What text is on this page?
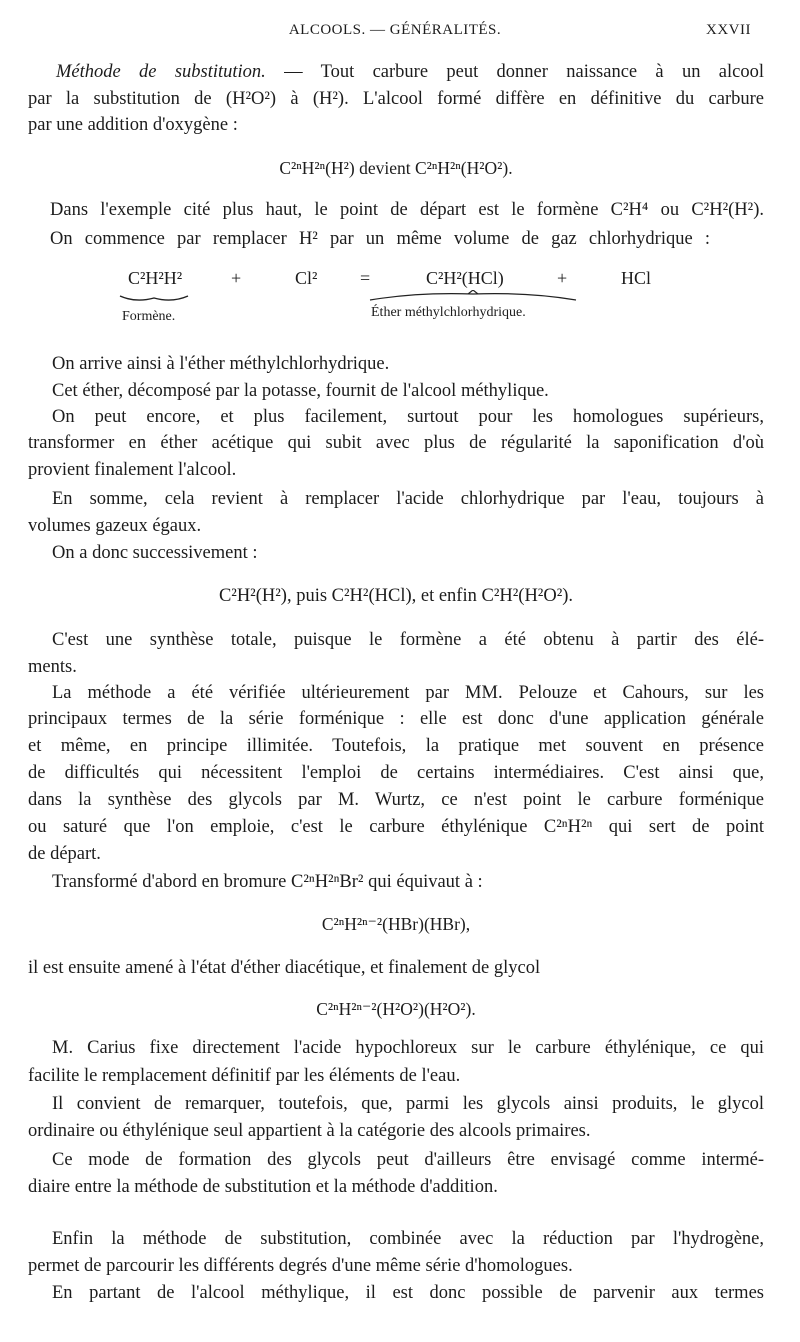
ALCOOLS. — GÉNÉRALITÉS.	XXVII
Méthode de substitution. — Tout carbure peut donner naissance à un alcool
par la substitution de (H²O²) à (H²). L'alcool formé diffère en définitive du carbure
par une addition d'oxygène :
C²ⁿH²ⁿ(H²) devient C²ⁿH²ⁿ(H²O²).
Dans l'exemple cité plus haut, le point de départ est le formène C²H⁴ ou C²H²(H²).
On commence par remplacer H² par un même volume de gaz chlorhydrique :
C²H²H²	+	Cl² =	C²H²(HCl)	+	HCl
Formène.	Éther méthylchlorhydrique.
On arrive ainsi à l'éther méthylchlorhydrique.
Cet éther, décomposé par la potasse, fournit de l'alcool méthylique.
On peut encore, et plus facilement, surtout pour les homologues supérieurs,
transformer en éther acétique qui subit avec plus de régularité la saponification d'où
provient finalement l'alcool.
En somme, cela revient à remplacer l'acide chlorhydrique par l'eau, toujours à
volumes gazeux égaux.
On a donc successivement :
C²H²(H²), puis C²H²(HCl), et enfin C²H²(H²O²).
C'est une synthèse totale, puisque le formène a été obtenu à partir des élé-
ments.
La méthode a été vérifiée ultérieurement par MM. Pelouze et Cahours, sur les
principaux termes de la série forménique : elle est donc d'une application générale
et même, en principe illimitée. Toutefois, la pratique met souvent en présence
de difficultés qui nécessitent l'emploi de certains intermédiaires. C'est ainsi que,
dans la synthèse des glycols par M. Wurtz, ce n'est point le carbure forménique
ou saturé que l'on emploie, c'est le carbure éthylénique C²ⁿH²ⁿ qui sert de point
de départ.
Transformé d'abord en bromure C²ⁿH²ⁿBr² qui équivaut à :
C²ⁿH²ⁿ⁻²(HBr)(HBr),
il est ensuite amené à l'état d'éther diacétique, et finalement de glycol
C²ⁿH²ⁿ⁻²(H²O²)(H²O²).
M. Carius fixe directement l'acide hypochloreux sur le carbure éthylénique, ce qui
facilite le remplacement définitif par les éléments de l'eau.
Il convient de remarquer, toutefois, que, parmi les glycols ainsi produits, le glycol
ordinaire ou éthylénique seul appartient à la catégorie des alcools primaires.
Ce mode de formation des glycols peut d'ailleurs être envisagé comme intermé-
diaire entre la méthode de substitution et la méthode d'addition.
Enfin la méthode de substitution, combinée avec la réduction par l'hydrogène,
permet de parcourir les différents degrés d'une même série d'homologues.
En partant de l'alcool méthylique, il est donc possible de parvenir aux termes
